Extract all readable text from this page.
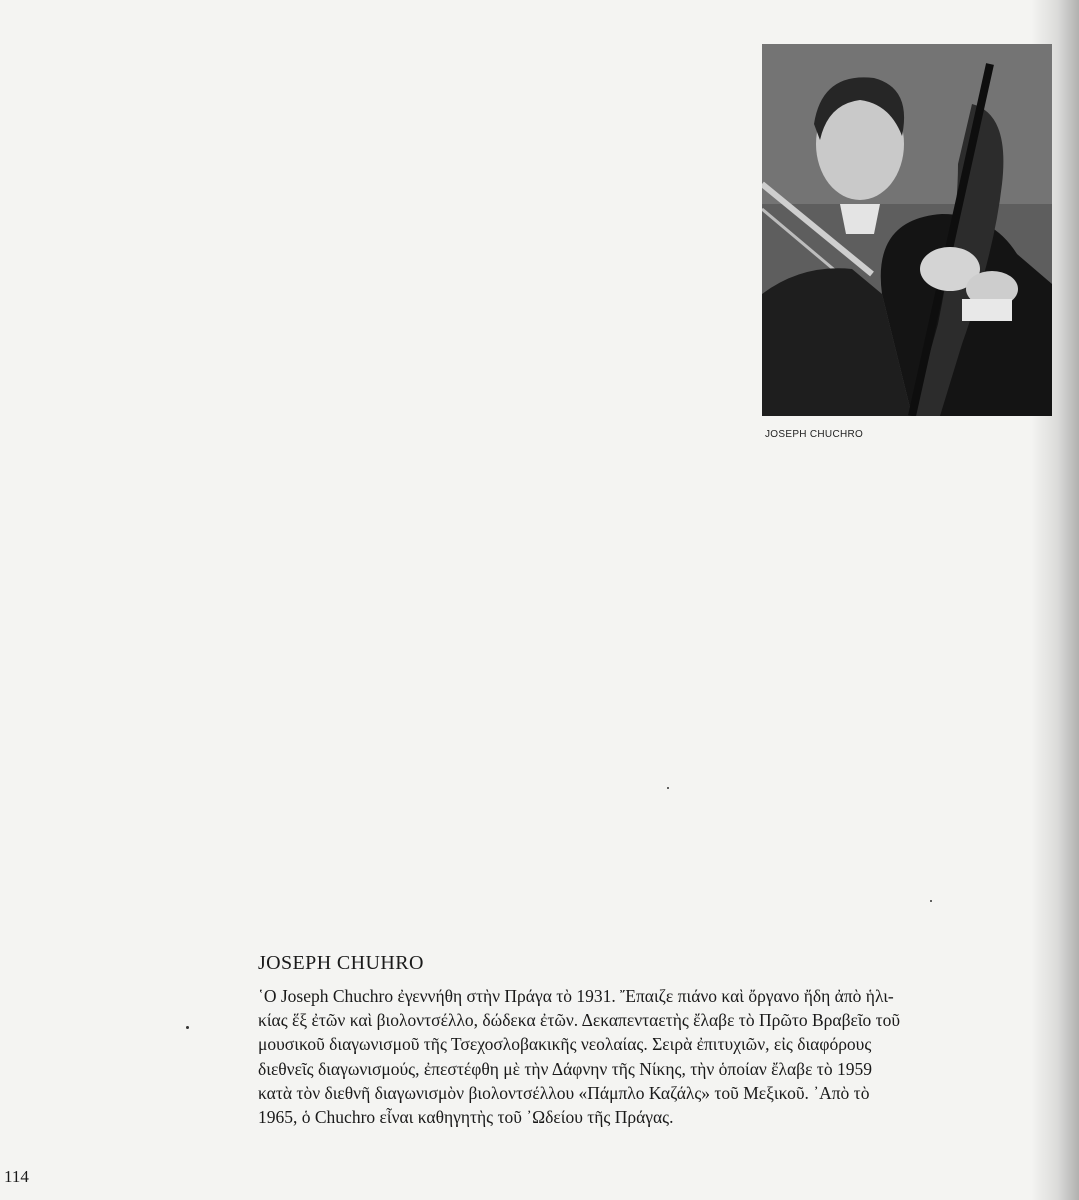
JOSEPH CHUCHRO
JOSEPH CHUHRO
῾Ο Joseph Chuchro ἐγεννήθη στὴν Πράγα τὸ 1931. Ἔπαιζε πιάνο καὶ ὄργανο ἤδη ἀπὸ ἡλι-
κίας ἕξ ἐτῶν καὶ βιολοντσέλλο, δώδεκα ἐτῶν. Δεκαπενταετὴς ἔλαβε τὸ Πρῶτο Βραβεῖο τοῦ
μουσικοῦ διαγωνισμοῦ τῆς Τσεχοσλοβακικῆς νεολαίας. Σειρὰ ἐπιτυχιῶν, εἰς διαφόρους
διεθνεῖς διαγωνισμούς, ἐπεστέφθη μὲ τὴν Δάφνην τῆς Νίκης, τὴν ὁποίαν ἔλαβε τὸ 1959
κατὰ τὸν διεθνῆ διαγωνισμὸν βιολοντσέλλου «Πάμπλο Καζάλς» τοῦ Μεξικοῦ. ᾿Απὸ τὸ
1965, ὁ Chuchro εἶναι καθηγητὴς τοῦ ᾿Ωδείου τῆς Πράγας.
114
